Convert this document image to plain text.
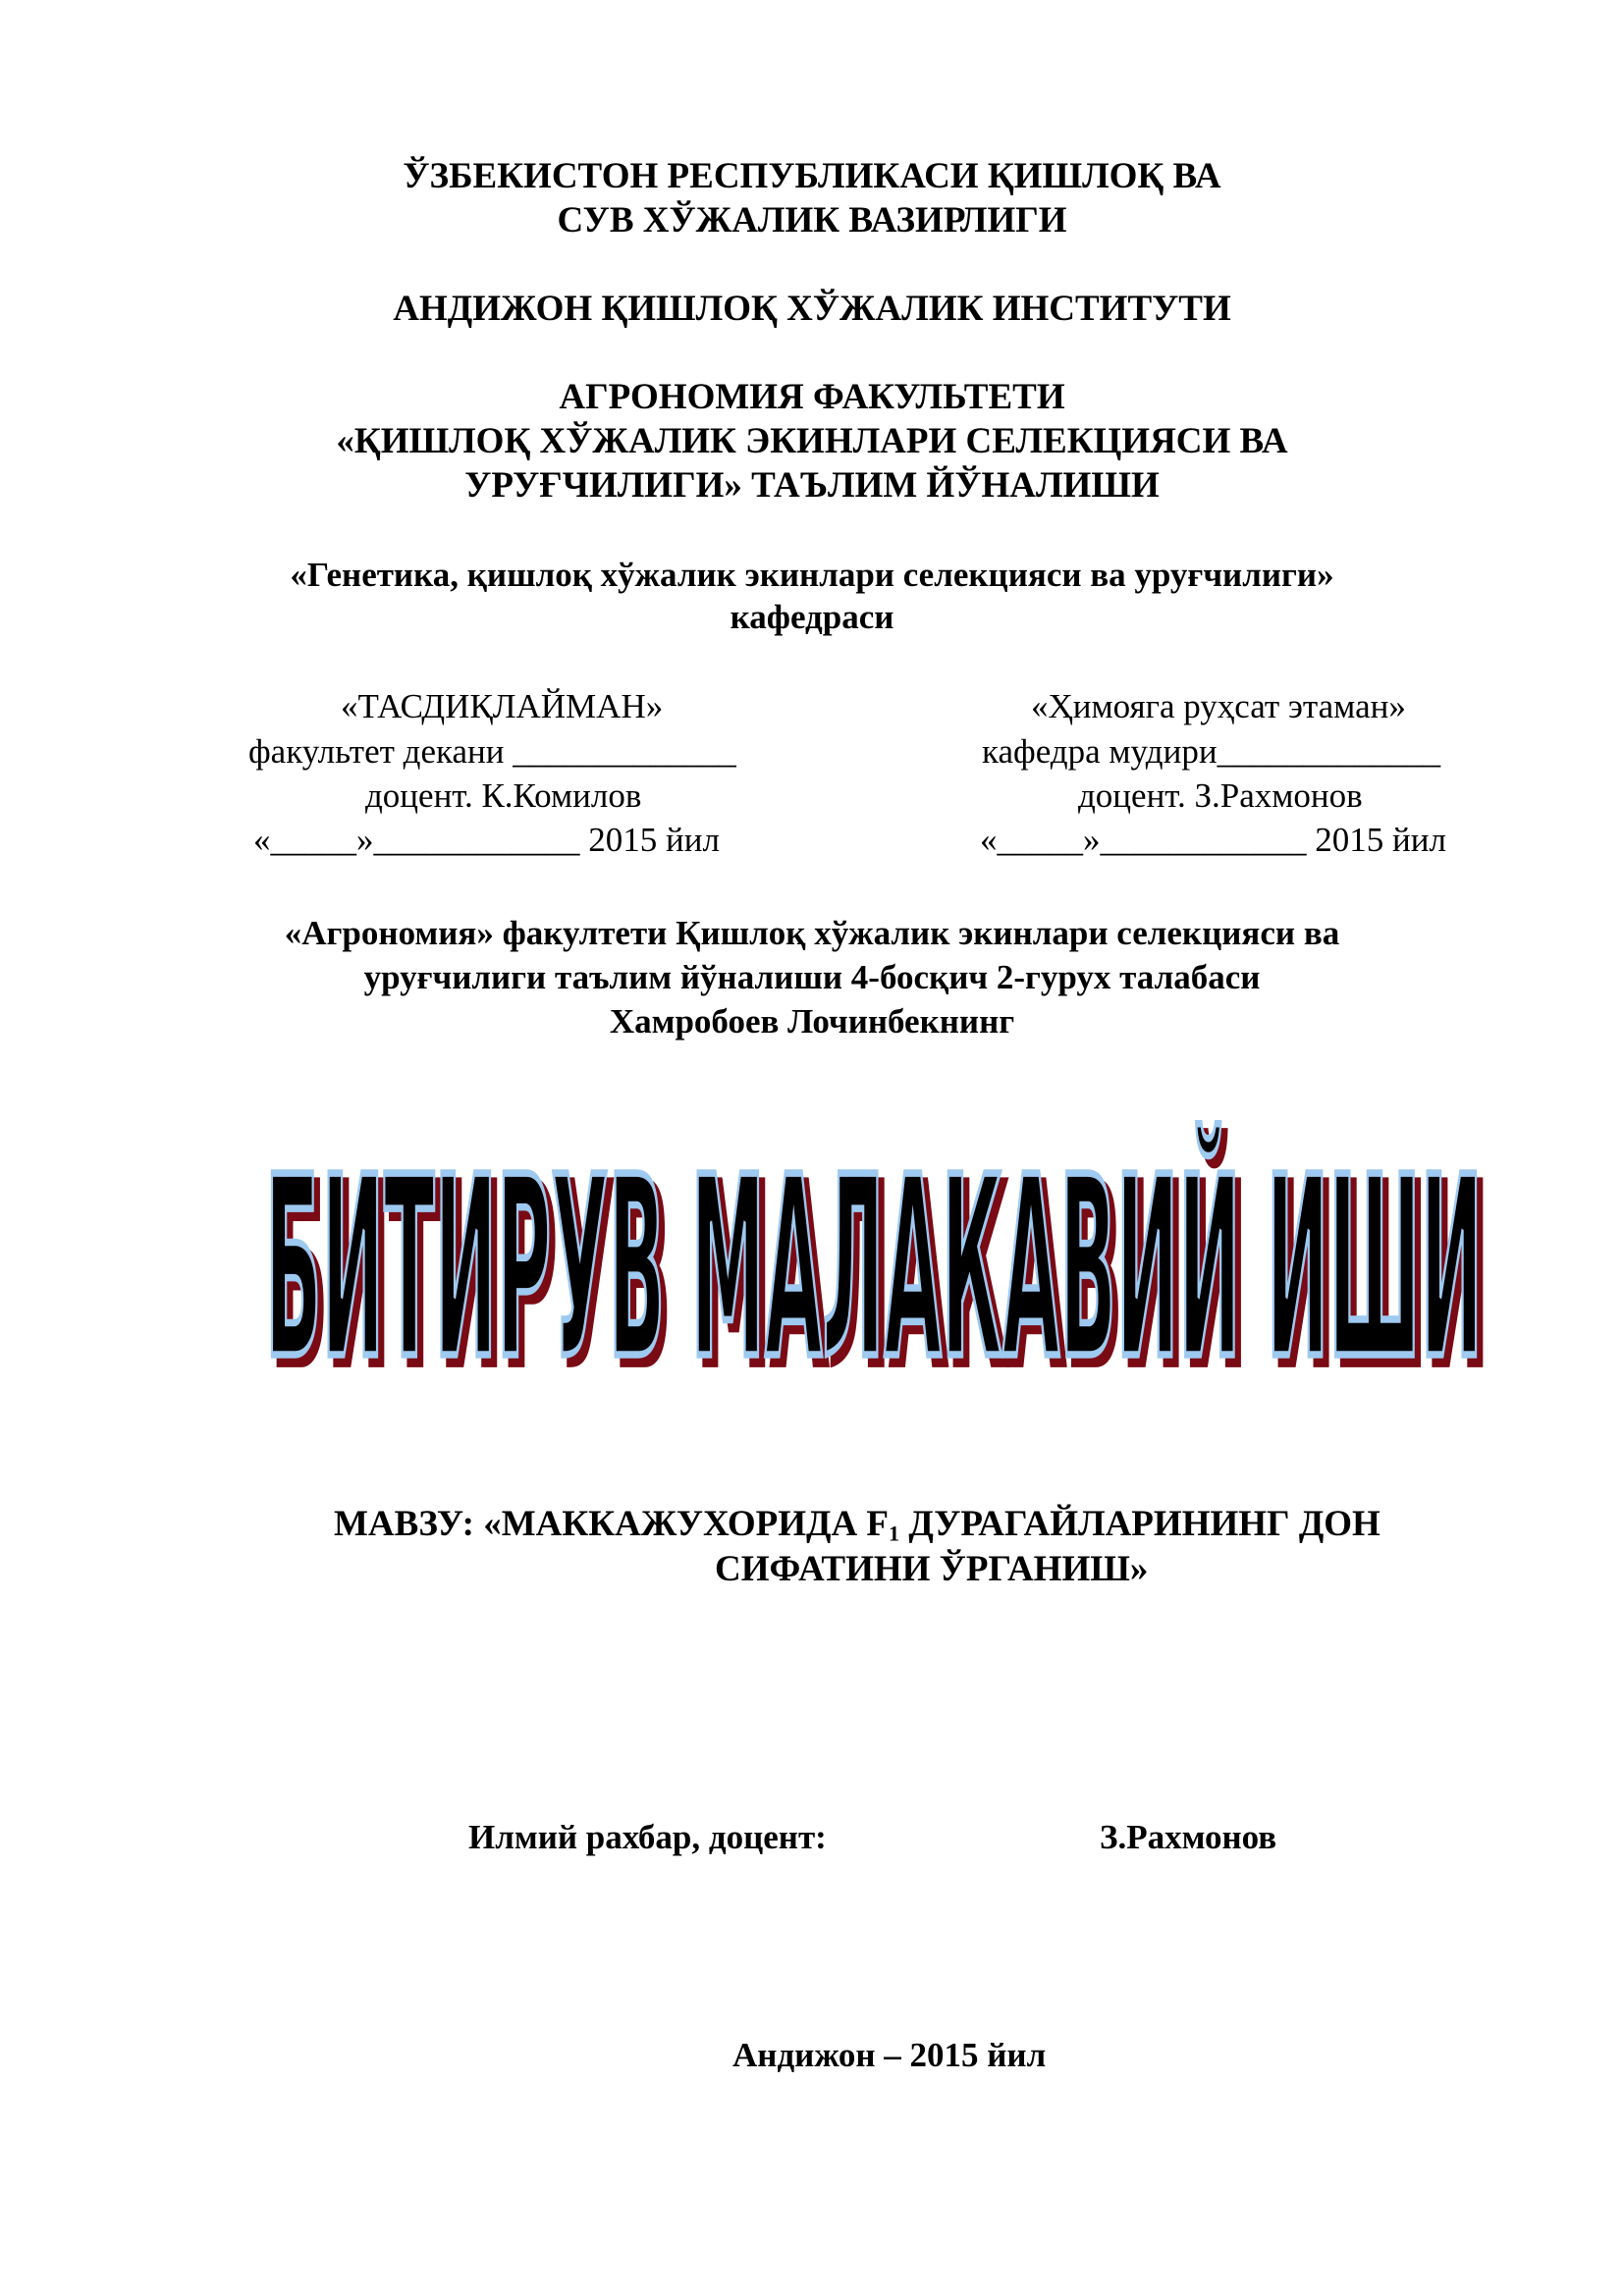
ЎЗБЕКИСТОН РЕСПУБЛИКАСИ ҚИШЛОҚ ВА
СУВ ХЎЖАЛИК ВАЗИРЛИГИ
АНДИЖОН ҚИШЛОҚ ХЎЖАЛИК ИНСТИТУТИ
АГРОНОМИЯ ФАКУЛЬТЕТИ
«ҚИШЛОҚ ХЎЖАЛИК ЭКИНЛАРИ СЕЛЕКЦИЯСИ ВА
УРУҒЧИЛИГИ» ТАЪЛИМ ЙЎНАЛИШИ
«Генетика, қишлоқ хўжалик экинлари селекцияси ва уруғчилиги»
кафедраси
«ТАСДИҚЛАЙМАН»
факультет декани _____________
доцент. К.Комилов
«_____»____________ 2015 йил
«Ҳимояга руҳсат этаман»
кафедра мудири_____________
доцент. З.Рахмонов
«_____»____________ 2015 йил
«Агрономия» факултети Қишлоқ хўжалик экинлари селекцияси ва
уруғчилиги таълим йўналиши 4-босқич 2-гурух талабаси
Хамробоев Лочинбекнинг
БИТИРУВ МАЛАКАВИЙ ИШИ
БИТИРУВ МАЛАКАВИЙ ИШИ
МАВЗУ: «МАККАЖУХОРИДА $F_1$ ДУРАГАЙЛАРИНИНГ ДОН
СИФАТИНИ ЎРГАНИШ»
Илмий рахбар, доцент:	З.Рахмонов
Андижон – 2015 йил
